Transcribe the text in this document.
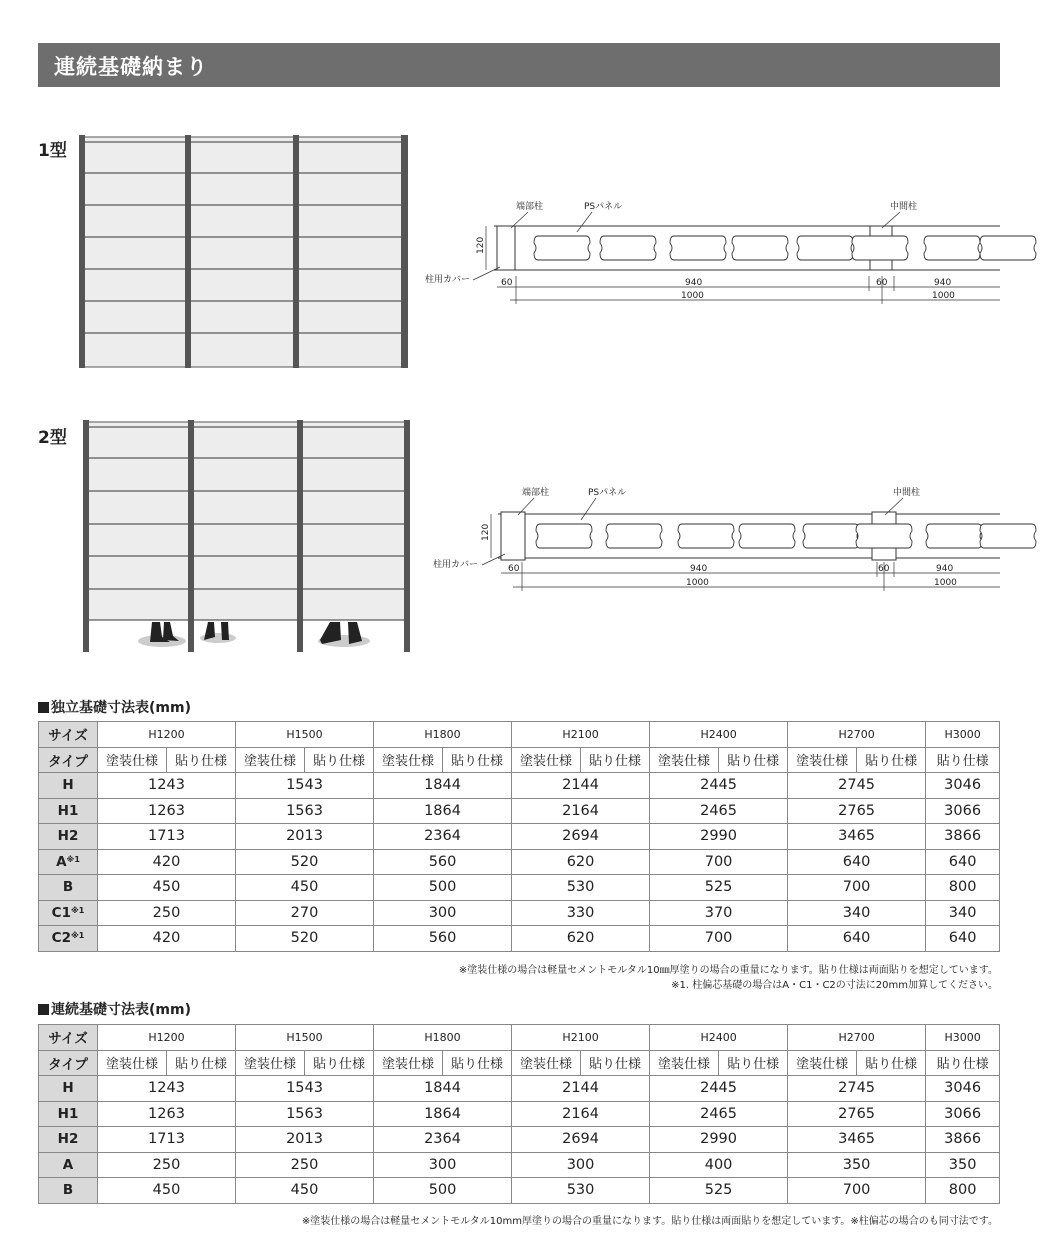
連続基礎納まり
1型
2型
端部柱	PSパネル	中間柱
柱用カバー
120
60	940	60	940
1000	1000
端部柱	PSパネル	中間柱
柱用カバー
120
60	940	60	940
1000	1000
独立基礎寸法表(mm)
サイズ	H1200		H1500		H1800		H2100		H2400		H2700		H3000
タイプ	塗装仕様	貼り仕様	塗装仕様	貼り仕様	塗装仕様	貼り仕様	塗装仕様	貼り仕様	塗装仕様	貼り仕様	塗装仕様	貼り仕様	貼り仕様
H	1243		1543		1844		2144		2445		2745		3046
H1	1263		1563		1864		2164		2465		2765		3066
H2	1713		2013		2364		2694		2990		3465		3866
$A^{※1}$	420		520		560		620		700		640		640
B	450		450		500		530		525		700		800
C1$^{※1}$	250		270		300		330		370		340		340
C2$^{※1}$	420		520		560		620		700		640		640
※塗装仕様の場合は軽量セメントモルタル10㎜厚塗りの場合の重量になります。貼り仕様は両面貼りを想定しています。
※1. 柱偏芯基礎の場合はA・C1・C2の寸法に20mm加算してください。
連続基礎寸法表(mm)
サイズ	H1200		H1500		H1800		H2100		H2400		H2700		H3000
タイプ	塗装仕様	貼り仕様	塗装仕様	貼り仕様	塗装仕様	貼り仕様	塗装仕様	貼り仕様	塗装仕様	貼り仕様	塗装仕様	貼り仕様	貼り仕様
H	1243		1543		1844		2144		2445		2745		3046
H1	1263		1563		1864		2164		2465		2765		3066
H2	1713		2013		2364		2694		2990		3465		3866
A	250		250		300		300		400		350		350
B	450		450		500		530		525		700		800
※塗装仕様の場合は軽量セメントモルタル10mm厚塗りの場合の重量になります。貼り仕様は両面貼りを想定しています。※柱偏芯の場合のも同寸法です。
